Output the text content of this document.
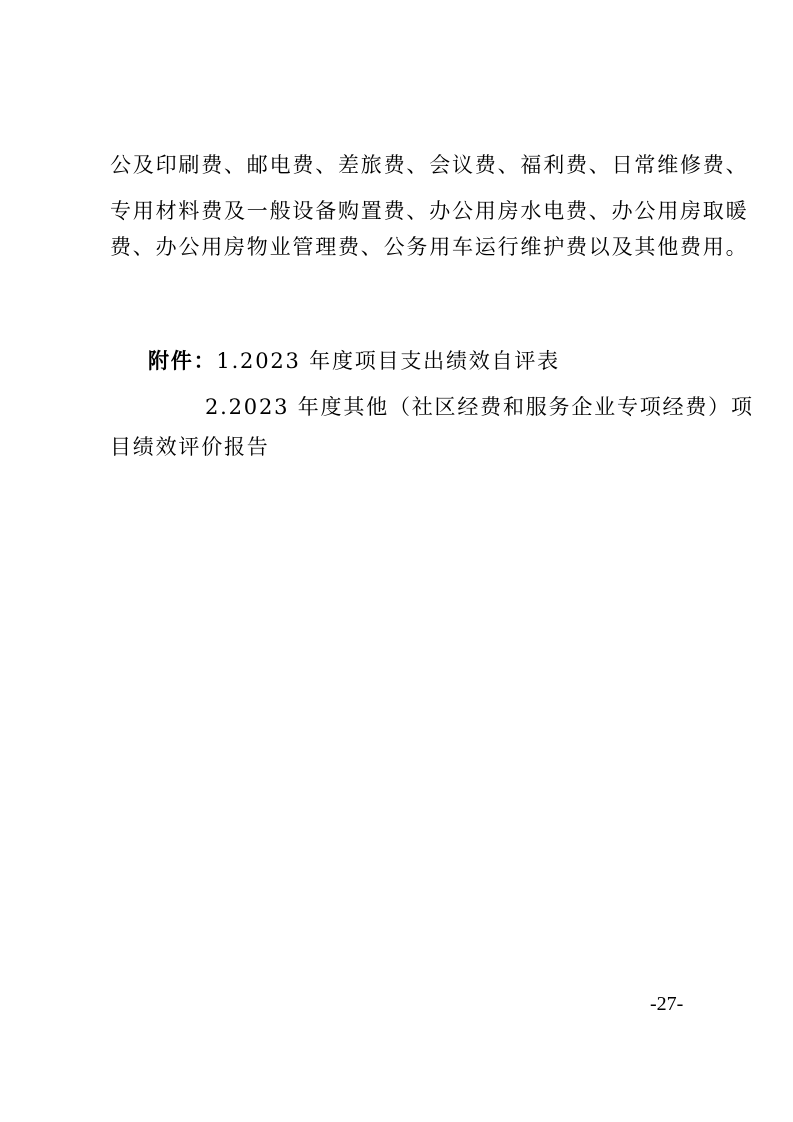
公及印刷费、邮电费、差旅费、会议费、福利费、日常维修费、
专用材料费及一般设备购置费、办公用房水电费、办公用房取暖
费、办公用房物业管理费、公务用车运行维护费以及其他费用。
附件：1.2023 年度项目支出绩效自评表
2.2023 年度其他（社区经费和服务企业专项经费）项
目绩效评价报告
-27-
